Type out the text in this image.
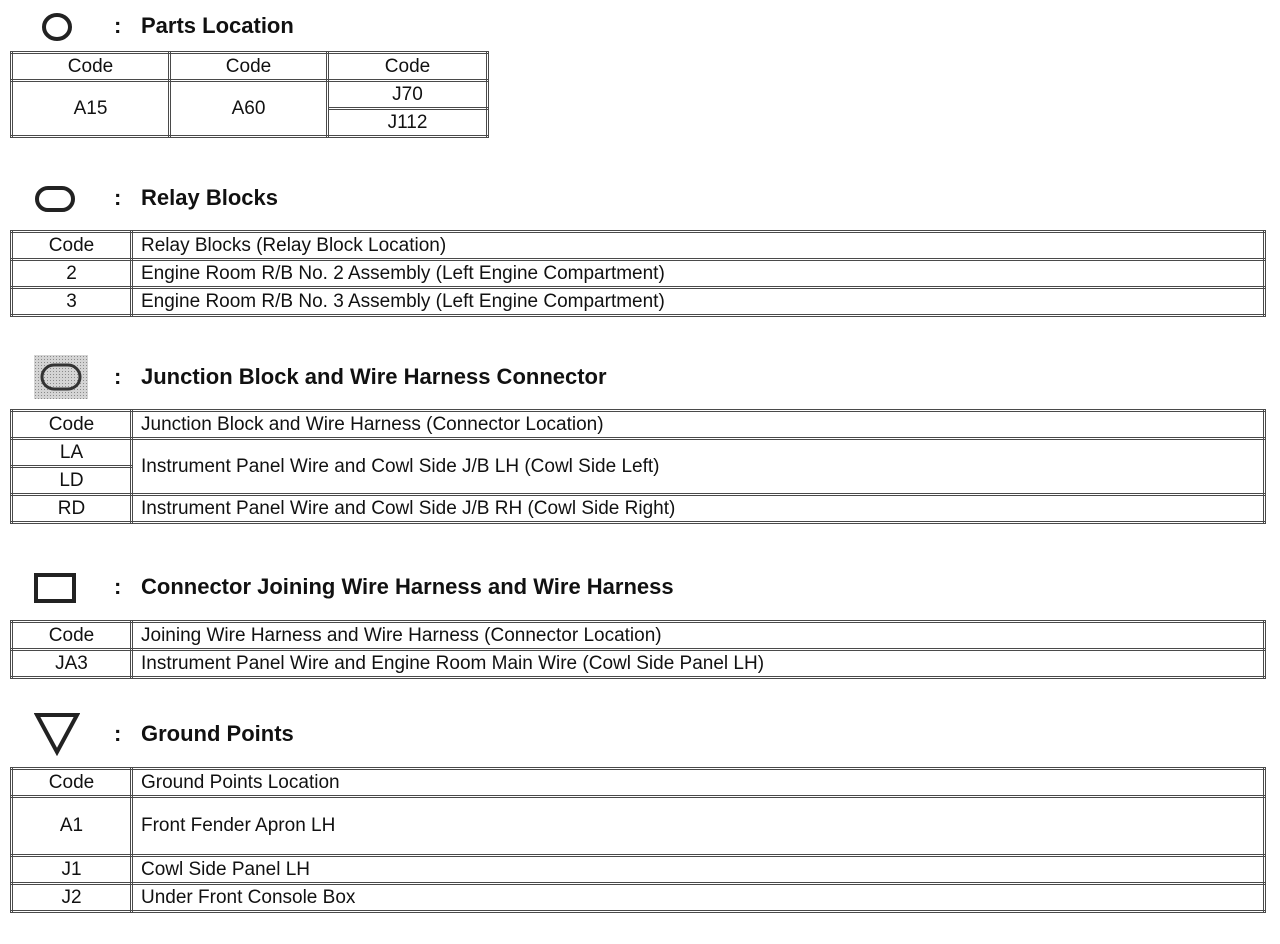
: Parts Location
Code	Code	Code
A15	A60	J70
		J112
: Relay Blocks
Code	Relay Blocks (Relay Block Location)
2	Engine Room R/B No. 2 Assembly (Left Engine Compartment)
3	Engine Room R/B No. 3 Assembly (Left Engine Compartment)
: Junction Block and Wire Harness Connector
Code	Junction Block and Wire Harness (Connector Location)
LA	Instrument Panel Wire and Cowl Side J/B LH (Cowl Side Left)
LD	
RD	Instrument Panel Wire and Cowl Side J/B RH (Cowl Side Right)
: Connector Joining Wire Harness and Wire Harness
Code	Joining Wire Harness and Wire Harness (Connector Location)
JA3	Instrument Panel Wire and Engine Room Main Wire (Cowl Side Panel LH)
: Ground Points
Code	Ground Points Location
A1	Front Fender Apron LH
J1	Cowl Side Panel LH
J2	Under Front Console Box
